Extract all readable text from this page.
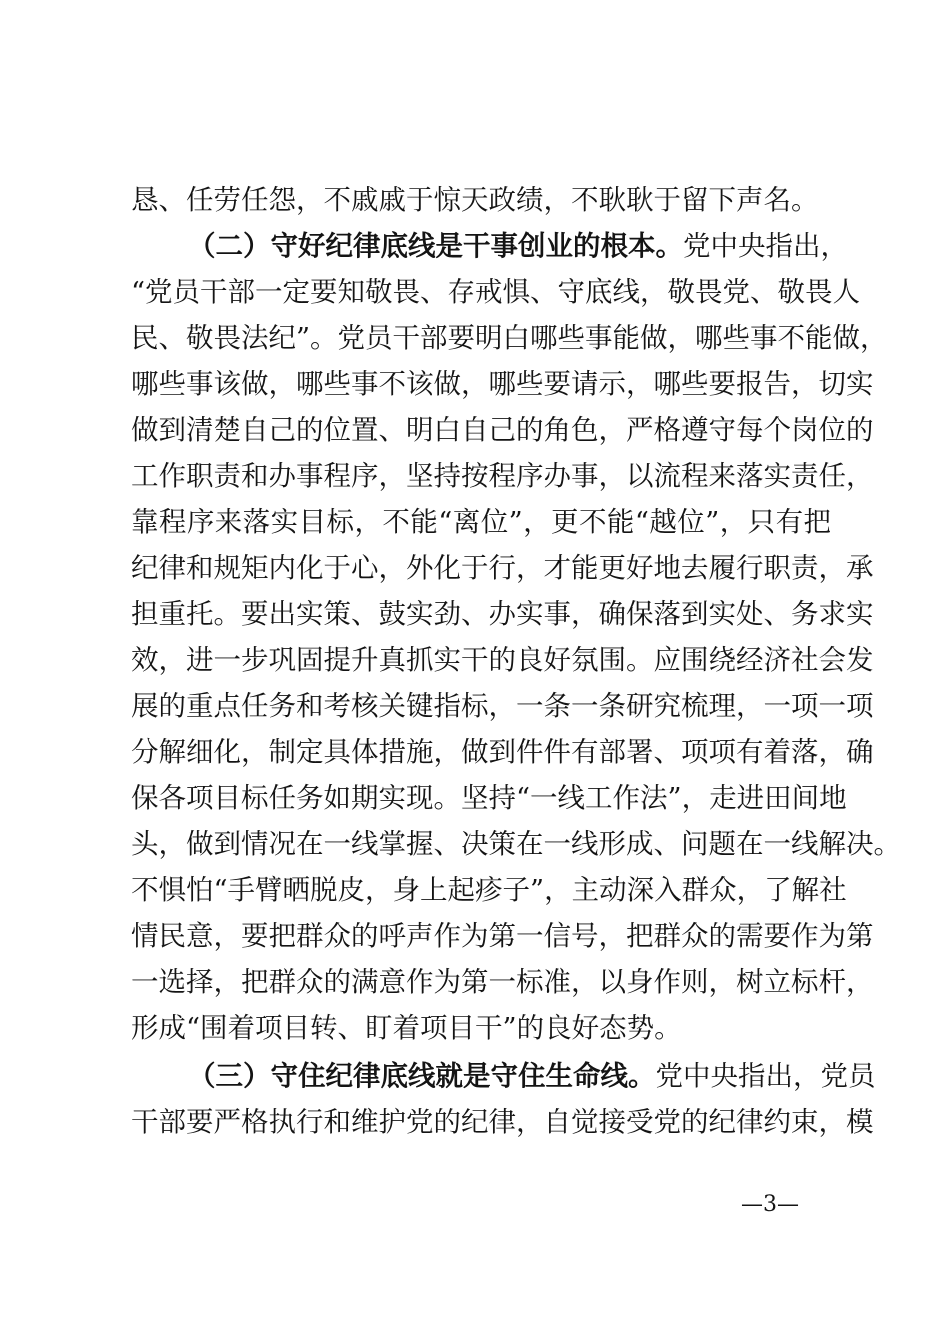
恳、任劳任怨，不戚戚于惊天政绩，不耿耿于留下声名。
（二）守好纪律底线是干事创业的根本。党中央指出，
“党员干部一定要知敬畏、存戒惧、守底线，敬畏党、敬畏人
民、敬畏法纪”。党员干部要明白哪些事能做，哪些事不能做，
哪些事该做，哪些事不该做，哪些要请示，哪些要报告，切实
做到清楚自己的位置、明白自己的角色，严格遵守每个岗位的
工作职责和办事程序，坚持按程序办事，以流程来落实责任，
靠程序来落实目标，不能“离位”，更不能“越位”，只有把
纪律和规矩内化于心，外化于行，才能更好地去履行职责，承
担重托。要出实策、鼓实劲、办实事，确保落到实处、务求实
效，进一步巩固提升真抓实干的良好氛围。应围绕经济社会发
展的重点任务和考核关键指标，一条一条研究梳理，一项一项
分解细化，制定具体措施，做到件件有部署、项项有着落，确
保各项目标任务如期实现。坚持“一线工作法”，走进田间地
头，做到情况在一线掌握、决策在一线形成、问题在一线解决。
不惧怕“手臂晒脱皮，身上起疹子”，主动深入群众，了解社
情民意，要把群众的呼声作为第一信号，把群众的需要作为第
一选择，把群众的满意作为第一标准，以身作则，树立标杆，
形成“围着项目转、盯着项目干”的良好态势。
（三）守住纪律底线就是守住生命线。党中央指出，党员
干部要严格执行和维护党的纪律，自觉接受党的纪律约束，模
—3—
